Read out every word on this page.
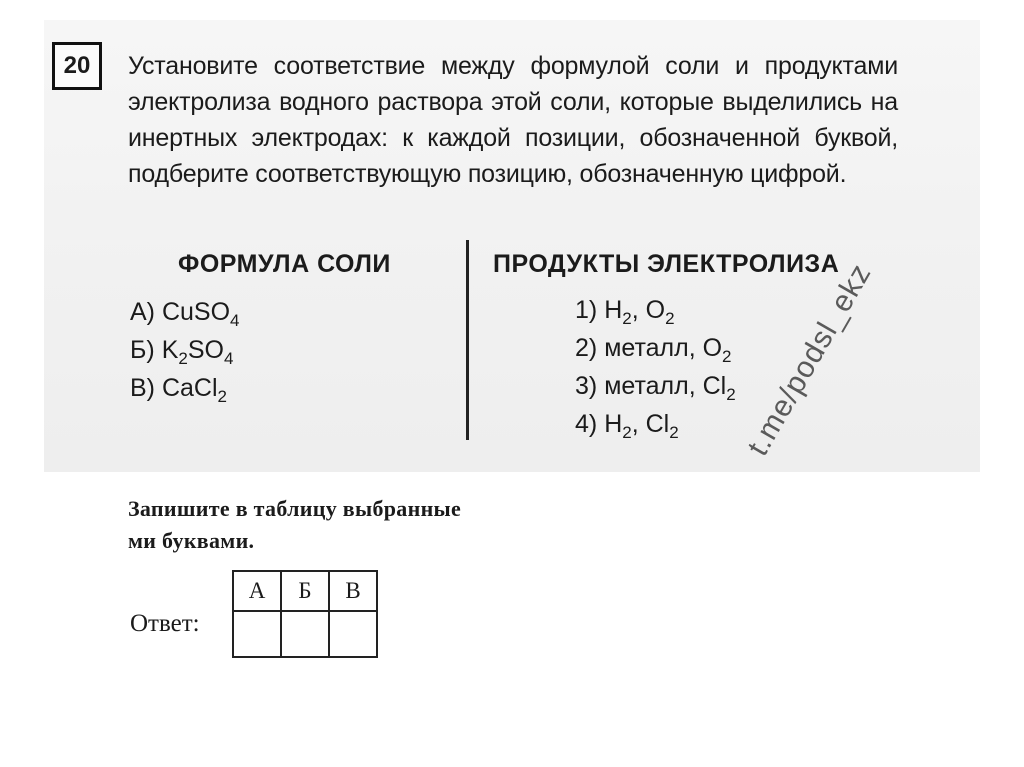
20 Установите соответствие между формулой соли и продуктами электролиза водного раствора этой соли, которые выделились на инертных электродах: к каждой позиции, обозначенной буквой, подберите соответствующую позицию, обозначенную цифрой.

ФОРМУЛА СОЛИ	ПРОДУКТЫ ЭЛЕКТРОЛИЗА
А) CuSO$_4$
Б) $K_2SO_4$
В) CaCl$_2$
1) $H_2$, $O_2$
2) металл, $O_2$
3) металл, $Cl_2$
4) $H_2$, $Cl_2$ t.me/podsl_ekz

Запишите в таблицу выбранные

ми буквами.

Ответ:
А	Б	В
